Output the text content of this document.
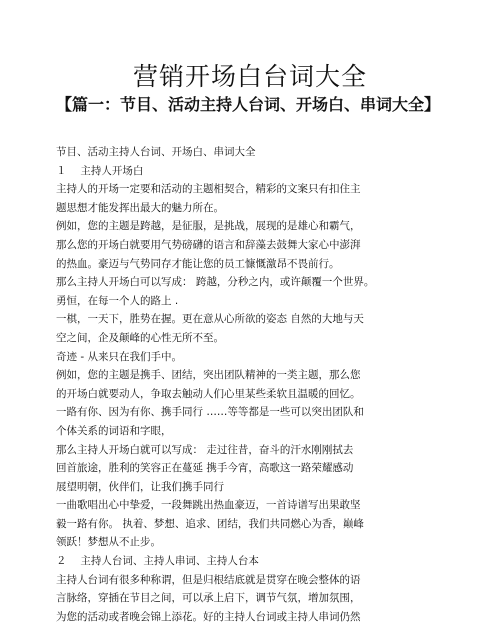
营销开场白台词大全
【篇一：节目、活动主持人台词、开场白、串词大全】
节目、活动主持人台词、开场白、串词大全
１　 主持人开场白
主持人的开场一定要和活动的主题相契合，精彩的文案只有扣住主
题思想才能发挥出最大的魅力所在。
例如，您的主题是跨越，是征服，是挑战，展现的是雄心和霸气，
那么您的开场白就要用气势磅礴的语言和辞藻去鼓舞大家心中澎湃
的热血。豪迈与气势同存才能让您的员工慷慨激昂不畏前行。
那么主持人开场白可以写成： 跨越，分秒之内，或许颠覆一个世界。
勇恒，在每一个人的路上 .
一棋，一天下，胜势在握。更在意从心所欲的姿态 自然的大地与天
空之间，企及颠峰的心性无所不至。
奇迹 - 从来只在我们手中。
例如，您的主题是携手、团结，突出团队精神的一类主题，那么您
的开场白就要动人，争取去触动人们心里某些柔软且温暖的回忆。
一路有你、因为有你、携手同行 ……等等都是一些可以突出团队和
个体关系的词语和字眼，
那么主持人开场白就可以写成： 走过往昔，奋斗的汗水刚刚拭去
回首旅途，胜利的笑容正在蔓延 携手今宵，高歌这一路荣耀感动
展望明朝，伙伴们，让我们携手同行
一曲歌唱出心中挚爱，一段舞跳出热血豪迈，一首诗谱写出果敢坚
毅一路有你。 执着、梦想、追求、团结，我们共同燃心为香，巅峰
领跃！梦想从不止步。
２　 主持人台词、主持人串词、主持人台本
主持人台词有很多种称谓，但是归根结底就是贯穿在晚会整体的语
言脉络，穿插在节目之间，可以承上启下，调节气氛，增加氛围，
为您的活动或者晚会锦上添花。好的主持人台词或主持人串词仍然
